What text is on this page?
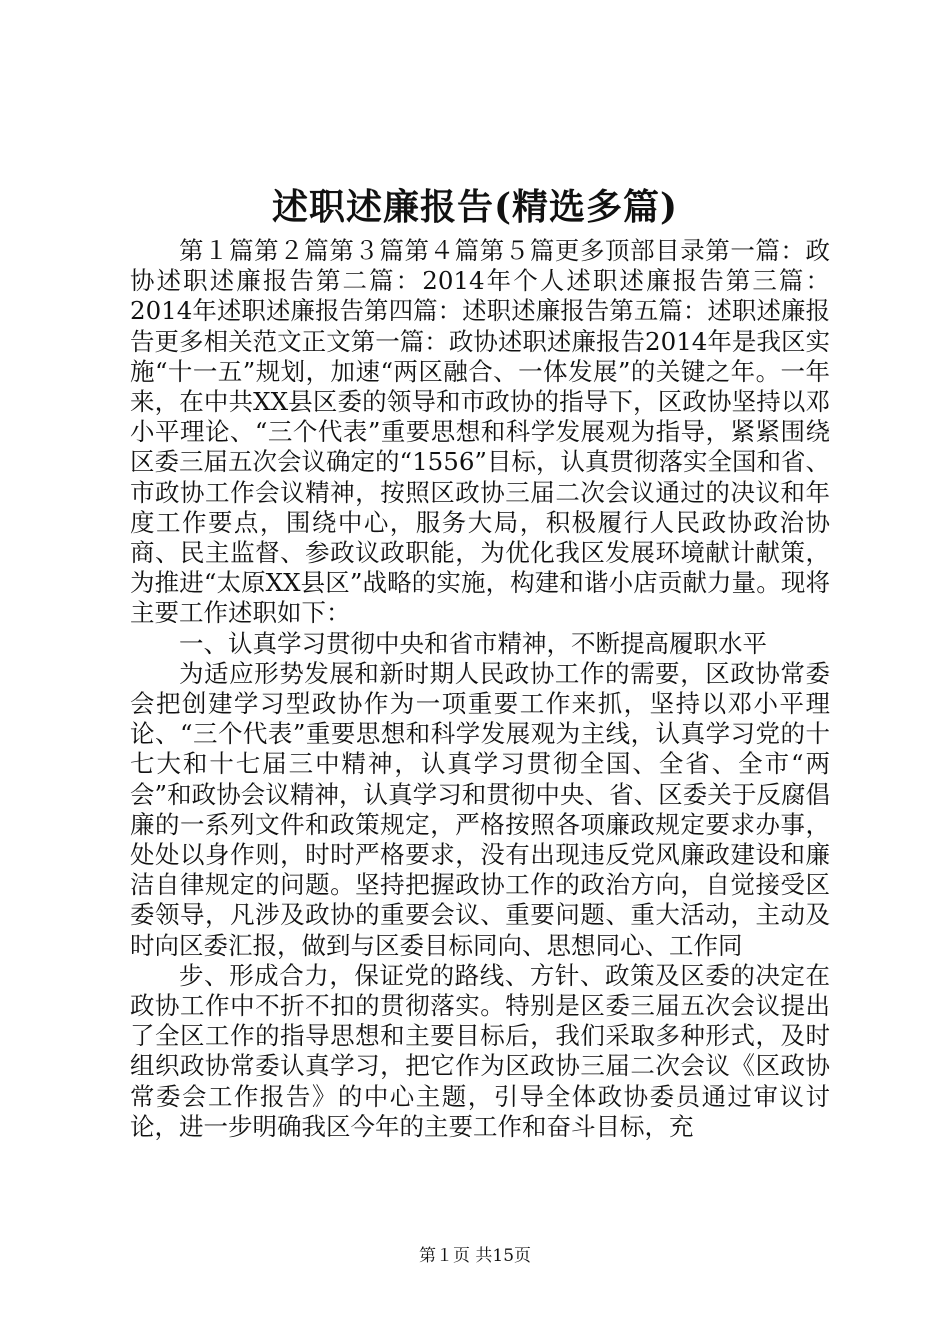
述职述廉报告(精选多篇)

第１篇第２篇第３篇第４篇第５篇更多顶部目录第一篇：政协述职述廉报告第二篇：2014年个人述职述廉报告第三篇：2014年述职述廉报告第四篇：述职述廉报告第五篇：述职述廉报告更多相关范文正文第一篇：政协述职述廉报告2014年是我区实施“十一五”规划，加速“两区融合、一体发展”的关键之年。一年来，在中共XX县区委的领导和市政协的指导下，区政协坚持以邓小平理论、“三个代表”重要思想和科学发展观为指导，紧紧围绕区委三届五次会议确定的“1556”目标，认真贯彻落实全国和省、市政协工作会议精神，按照区政协三届二次会议通过的决议和年度工作要点，围绕中心，服务大局，积极履行人民政协政治协商、民主监督、参政议政职能，为优化我区发展环境献计献策，为推进“太原XX县区”战略的实施，构建和谐小店贡献力量。现将主要工作述职如下：

一、认真学习贯彻中央和省市精神，不断提高履职水平

为适应形势发展和新时期人民政协工作的需要，区政协常委会把创建学习型政协作为一项重要工作来抓，坚持以邓小平理论、“三个代表”重要思想和科学发展观为主线，认真学习党的十七大和十七届三中精神，认真学习贯彻全国、全省、全市“两会”和政协会议精神，认真学习和贯彻中央、省、区委关于反腐倡廉的一系列文件和政策规定，严格按照各项廉政规定要求办事，处处以身作则，时时严格要求，没有出现违反党风廉政建设和廉洁自律规定的问题。坚持把握政协工作的政治方向，自觉接受区委领导，凡涉及政协的重要会议、重要问题、重大活动，主动及时向区委汇报，做到与区委目标同向、思想同心、工作同

步、形成合力，保证党的路线、方针、政策及区委的决定在政协工作中不折不扣的贯彻落实。特别是区委三届五次会议提出了全区工作的指导思想和主要目标后，我们采取多种形式，及时组织政协常委认真学习，把它作为区政协三届二次会议《区政协常委会工作报告》的中心主题，引导全体政协委员通过审议讨论，进一步明确我区今年的主要工作和奋斗目标，充

第１页 共15页
